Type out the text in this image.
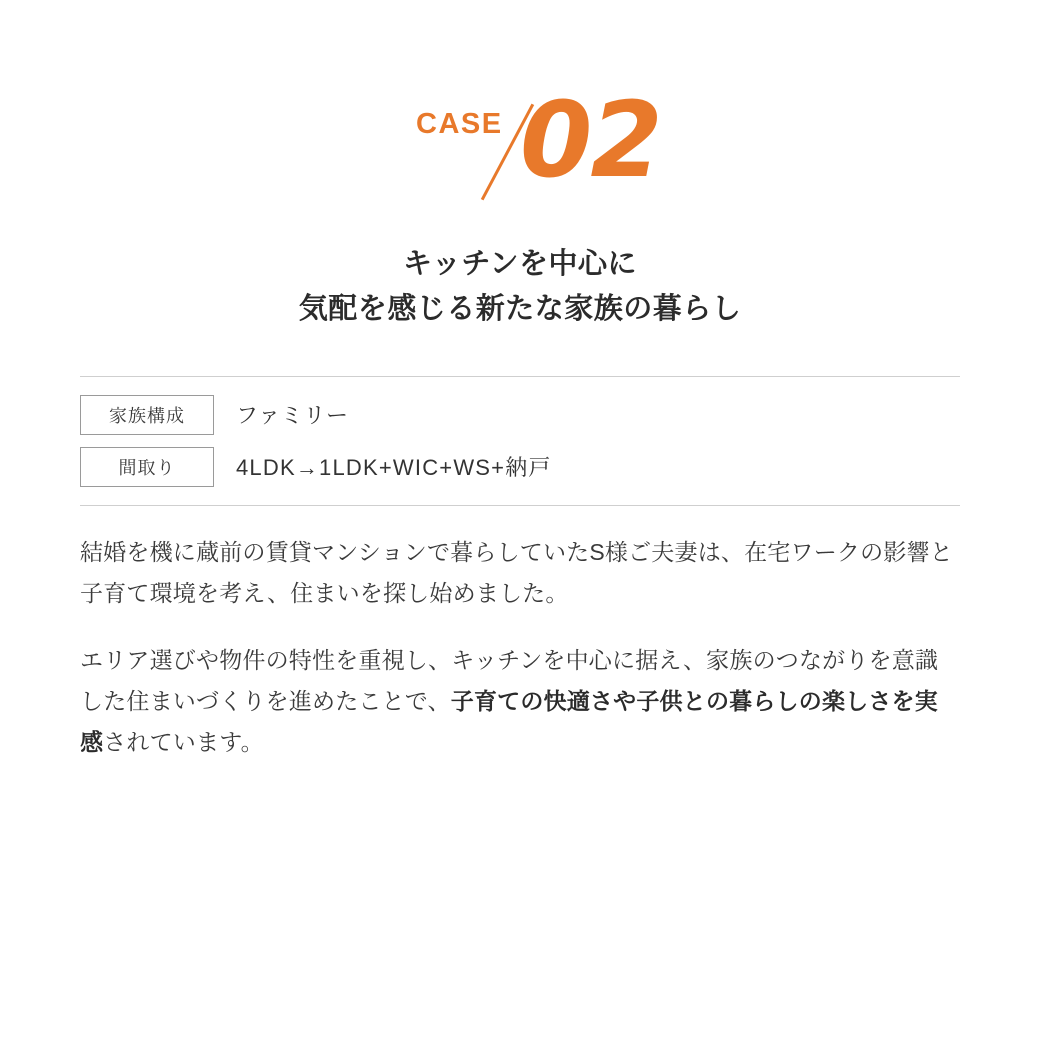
CASE 02
キッチンを中心に
気配を感じる新たな家族の暮らし
家族構成	ファミリー
間取り	4LDK→1LDK+WIC+WS+納戸

結婚を機に蔵前の賃貸マンションで暮らしていたS様ご夫妻は、在宅ワークの影響と子育て環境を考え、住まいを探し始めました。

エリア選びや物件の特性を重視し、キッチンを中心に据え、家族のつながりを意識した住まいづくりを進めたことで、子育ての快適さや子供との暮らしの楽しさを実感されています。
